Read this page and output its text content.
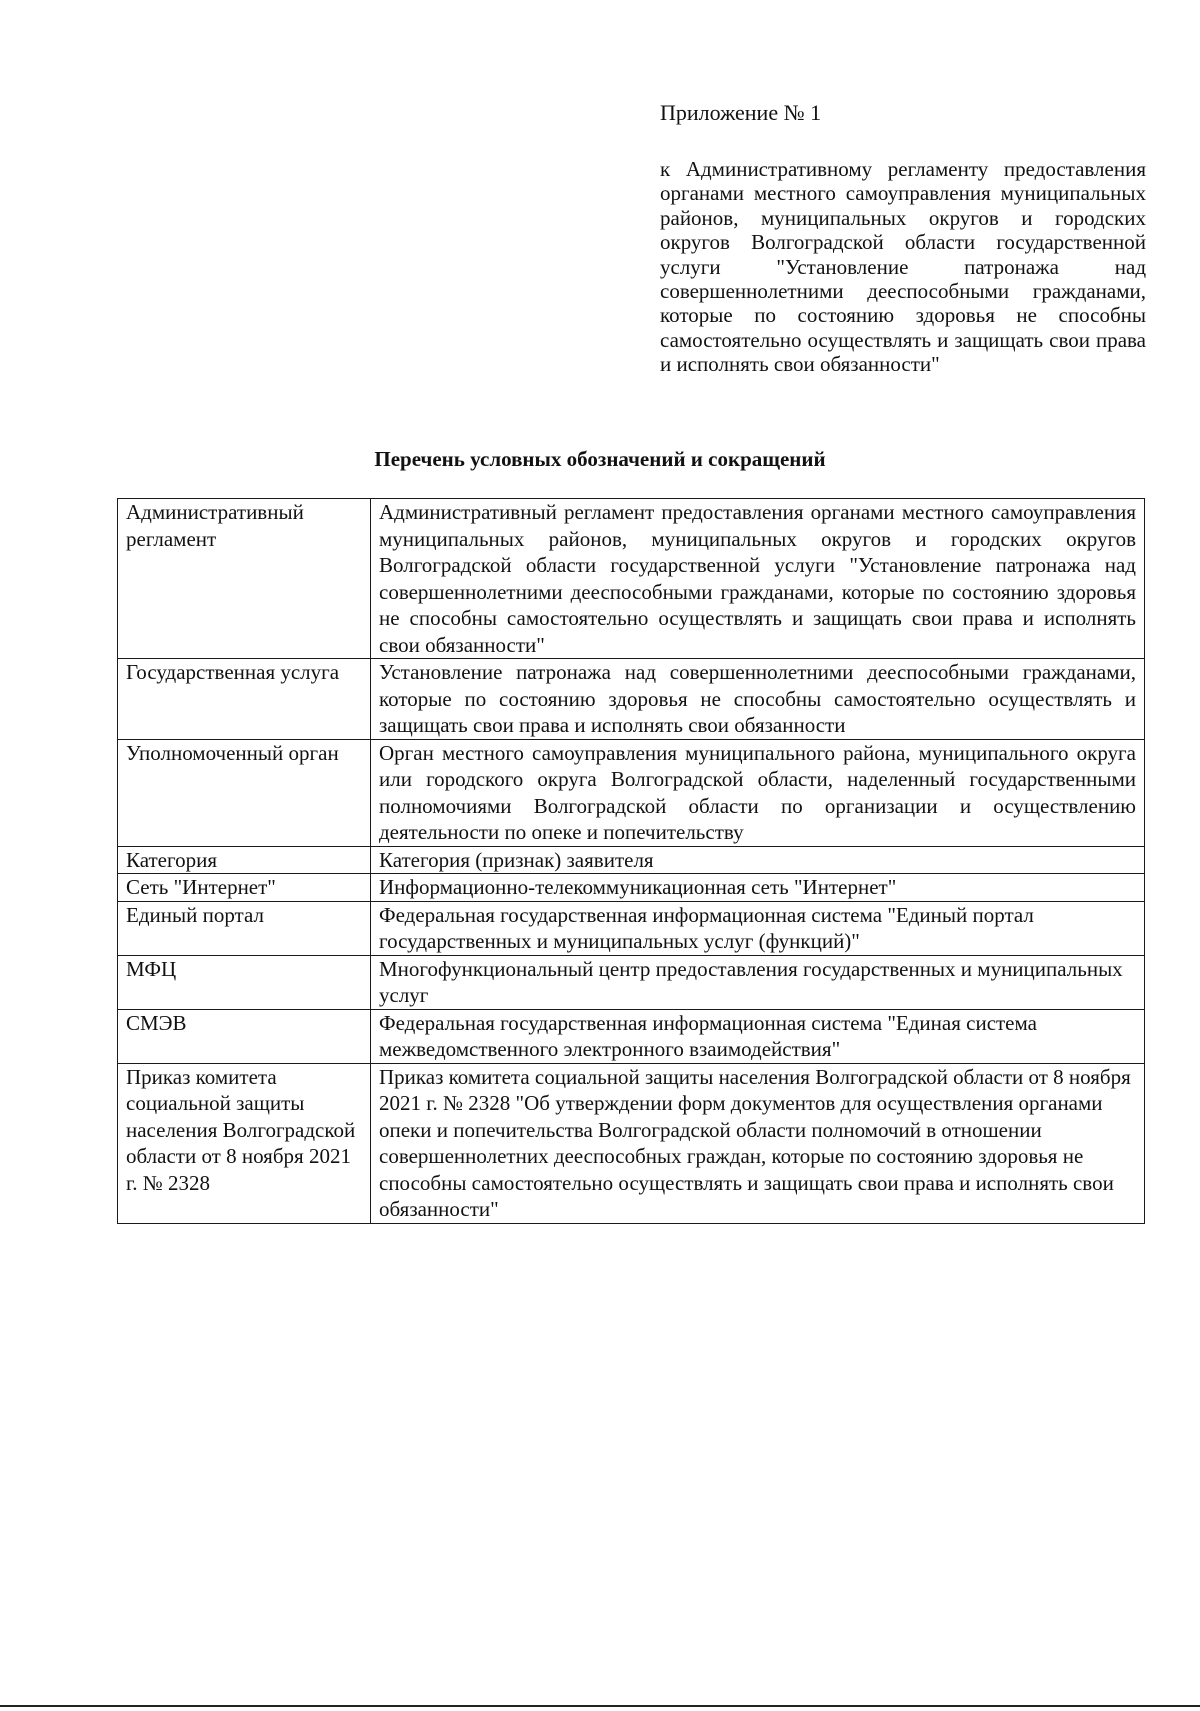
Приложение № 1
к Административному регламенту предоставления органами местного самоуправления муниципальных районов, муниципальных округов и городских округов Волгоградской области государственной услуги "Установление патронажа над совершеннолетними дееспособными гражданами, которые по состоянию здоровья не способны самостоятельно осуществлять и защищать свои права и исполнять свои обязанности"
Перечень условных обозначений и сокращений
Административный регламент	Административный регламент предоставления органами местного самоуправления муниципальных районов, муниципальных округов и городских округов Волгоградской области государственной услуги "Установление патронажа над совершеннолетними дееспособными гражданами, которые по состоянию здоровья не способны самостоятельно осуществлять и защищать свои права и исполнять свои обязанности"
Государственная услуга	Установление патронажа над совершеннолетними дееспособными гражданами, которые по состоянию здоровья не способны самостоятельно осуществлять и защищать свои права и исполнять свои обязанности
Уполномоченный орган	Орган местного самоуправления муниципального района, муниципального округа или городского округа Волгоградской области, наделенный государственными полномочиями Волгоградской области по организации и осуществлению деятельности по опеке и попечительству
Категория	Категория (признак) заявителя
Сеть "Интернет"	Информационно-телекоммуникационная сеть "Интернет"
Единый портал	Федеральная государственная информационная система "Единый портал государственных и муниципальных услуг (функций)"
МФЦ	Многофункциональный центр предоставления государственных и муниципальных услуг
СМЭВ	Федеральная государственная информационная система "Единая система межведомственного электронного взаимодействия"
Приказ комитета социальной защиты населения Волгоградской области от 8 ноября 2021 г. № 2328	Приказ комитета социальной защиты населения Волгоградской области от 8 ноября 2021 г. № 2328 "Об утверждении форм документов для осуществления органами опеки и попечительства Волгоградской области полномочий в отношении совершеннолетних дееспособных граждан, которые по состоянию здоровья не способны самостоятельно осуществлять и защищать свои права и исполнять свои обязанности"
